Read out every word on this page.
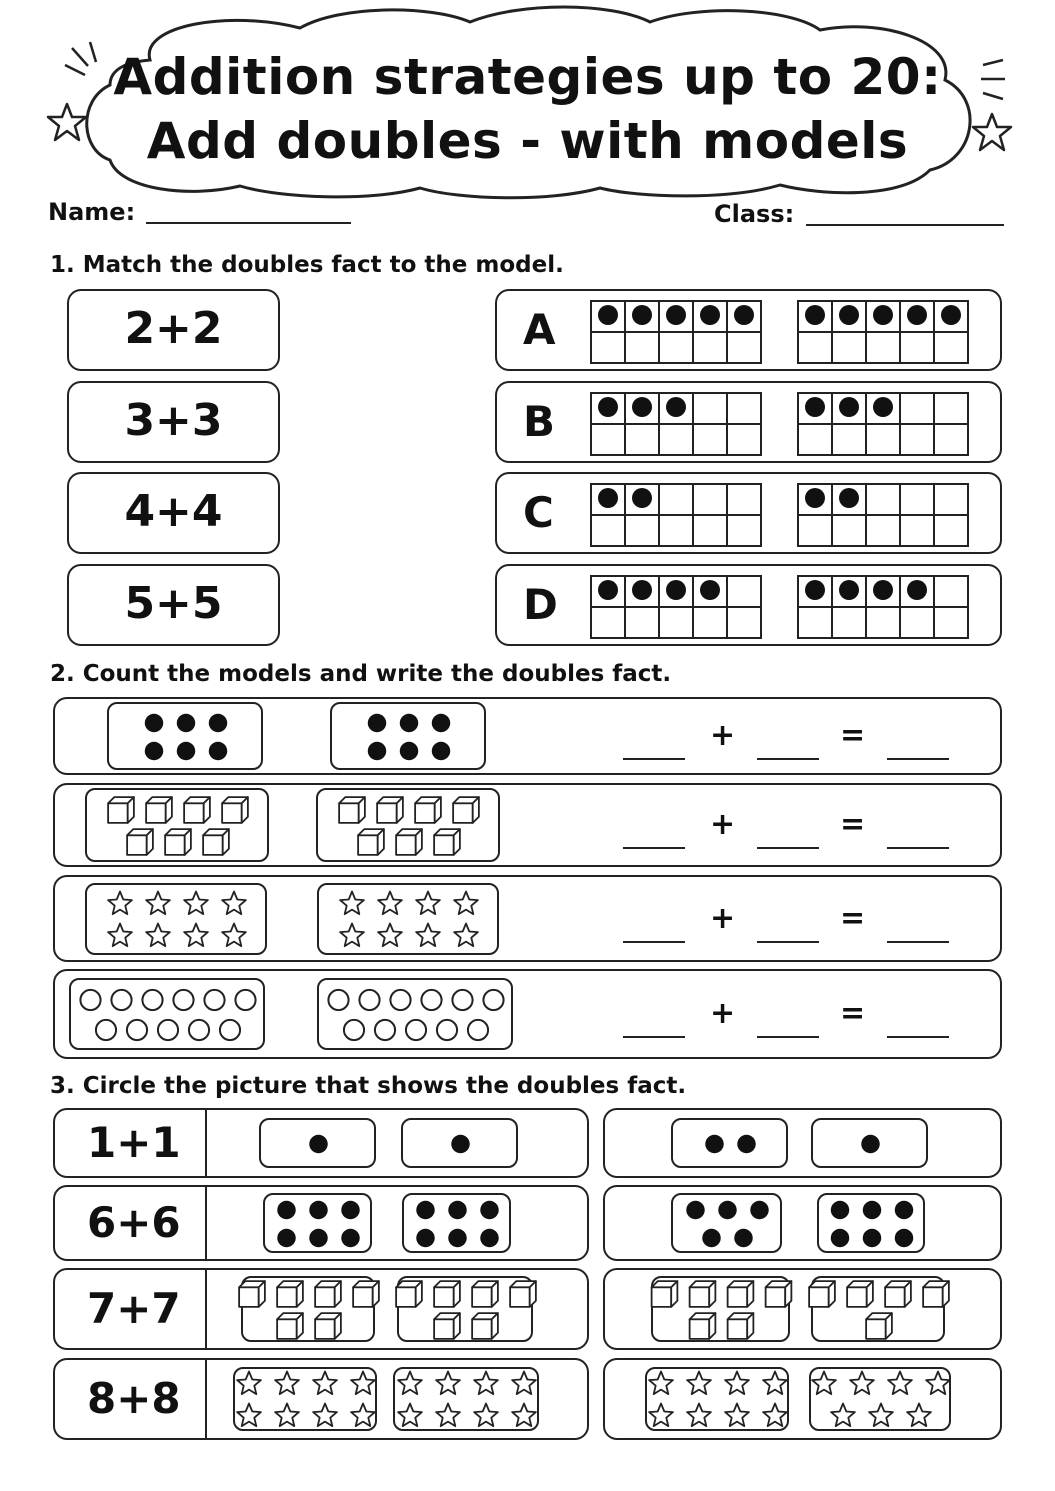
Addition strategies up to 20:
Add doubles - with models
Name:	Class:
1. Match the doubles fact to the model.
2+2
3+3
4+4
5+5
A

B

C

D

2. Count the models and write the doubles fact.
+	=
+	=
+	=
+	=
3. Circle the picture that shows the doubles fact.
1+1
6+6
7+7
8+8
